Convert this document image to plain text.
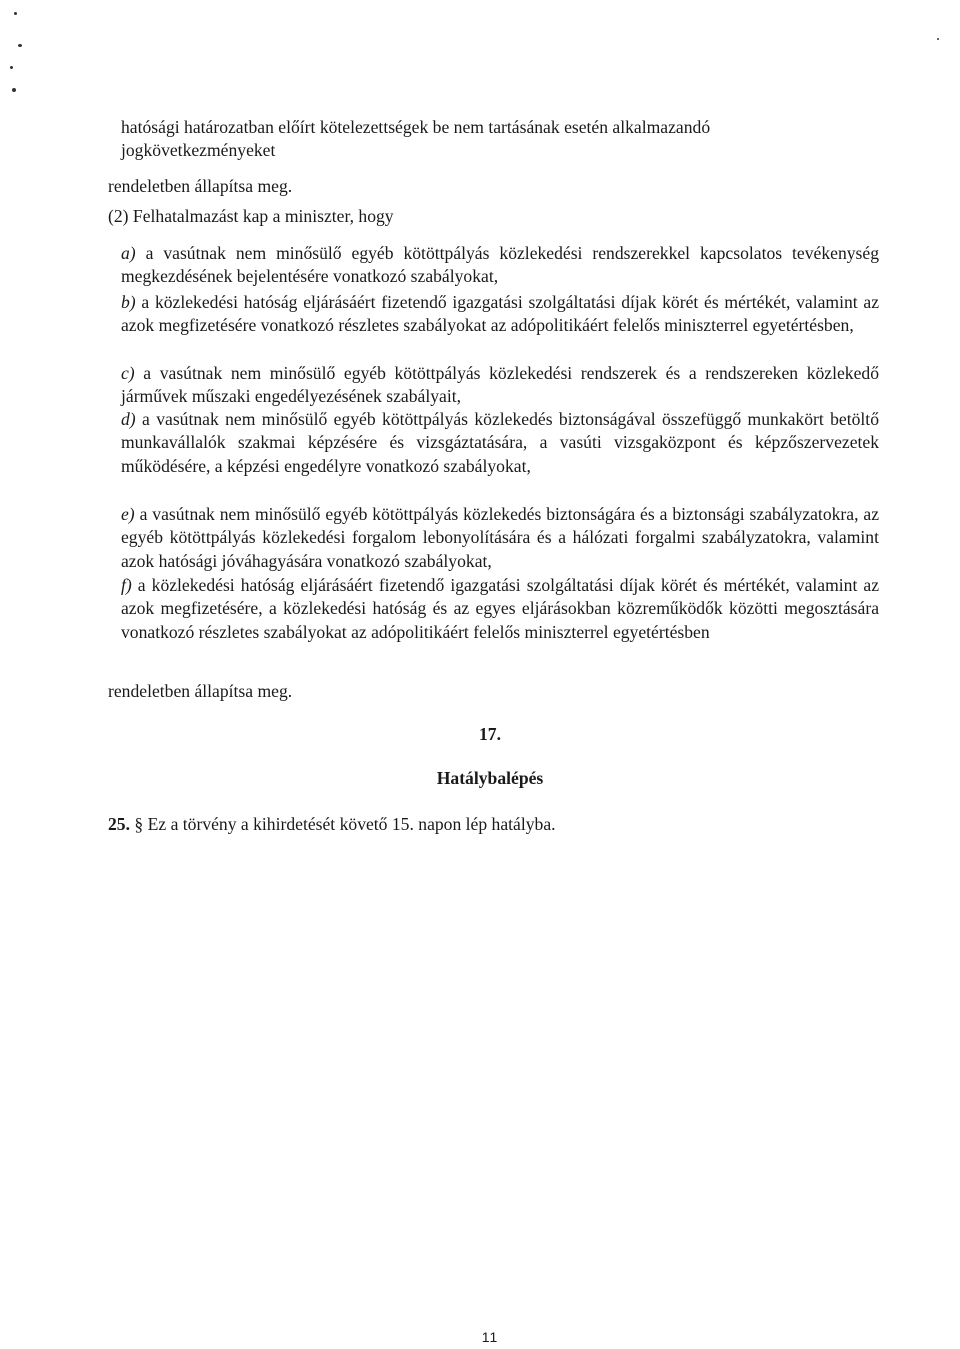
hatósági határozatban előírt kötelezettségek be nem tartásának esetén alkalmazandó
jogkövetkezményeket

rendeletben állapítsa meg.

(2) Felhatalmazást kap a miniszter, hogy

a) a vasútnak nem minősülő egyéb kötöttpályás közlekedési rendszerekkel kapcsolatos tevékenység megkezdésének bejelentésére vonatkozó szabályokat,

b) a közlekedési hatóság eljárásáért fizetendő igazgatási szolgáltatási díjak körét és mértékét, valamint az azok megfizetésére vonatkozó részletes szabályokat az adópolitikáért felelős miniszterrel egyetértésben,

c) a vasútnak nem minősülő egyéb kötöttpályás közlekedési rendszerek és a rendszereken közlekedő járművek műszaki engedélyezésének szabályait,

d) a vasútnak nem minősülő egyéb kötöttpályás közlekedés biztonságával összefüggő munkakört betöltő munkavállalók szakmai képzésére és vizsgáztatására, a vasúti vizsgaközpont és képzőszervezetek működésére, a képzési engedélyre vonatkozó szabályokat,

e) a vasútnak nem minősülő egyéb kötöttpályás közlekedés biztonságára és a biztonsági szabályzatokra, az egyéb kötöttpályás közlekedési forgalom lebonyolítására és a hálózati forgalmi szabályzatokra, valamint azok hatósági jóváhagyására vonatkozó szabályokat,

f) a közlekedési hatóság eljárásáért fizetendő igazgatási szolgáltatási díjak körét és mértékét, valamint az azok megfizetésére, a közlekedési hatóság és az egyes eljárásokban közreműködők közötti megosztására vonatkozó részletes szabályokat az adópolitikáért felelős miniszterrel egyetértésben

rendeletben állapítsa meg.

17.

Hatálybalépés

25. § Ez a törvény a kihirdetését követő 15. napon lép hatályba.

11
